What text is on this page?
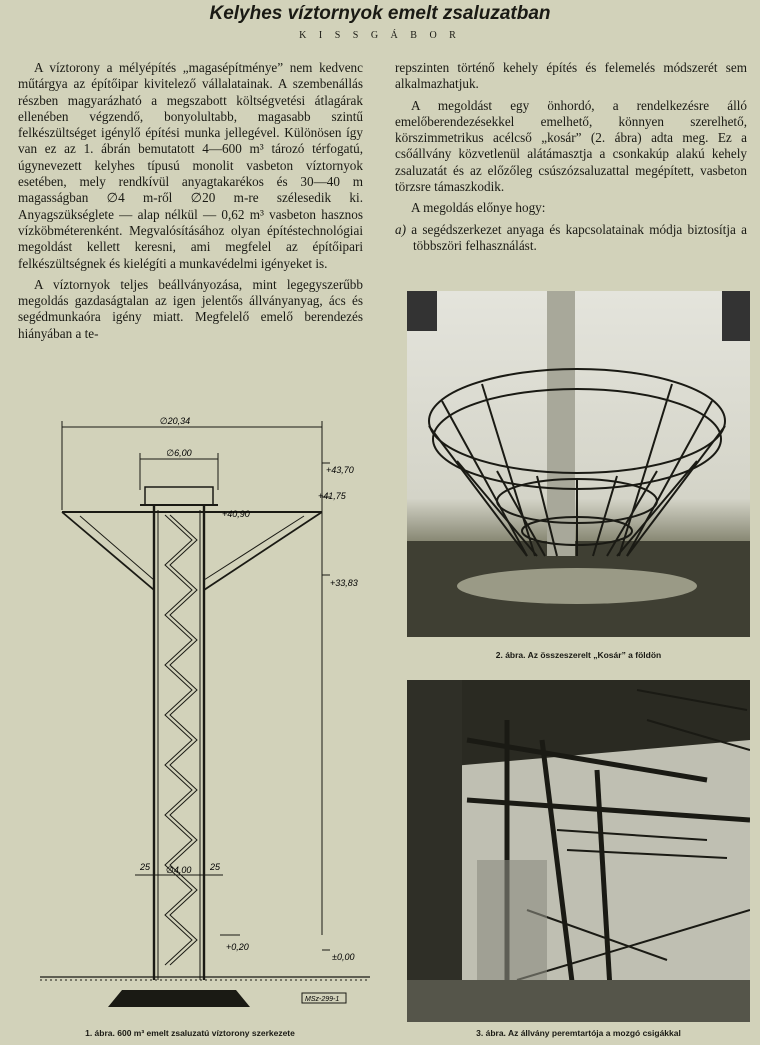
Kelyhes víztornyok emelt zsaluzatban
K I S S G Á B O R

A víztorony a mélyépítés „magasépítménye” nem kedvenc műtárgya az építőipar kivitelező vállalatainak. A szembenállás részben magyarázható a megszabott költségvetési átlagárak ellenében végzendő, bonyolultabb, magasabb szintű felkészültséget igénylő építési munka jellegével. Különösen így van ez az 1. ábrán bemutatott 4—600 m³ tározó térfogatú, úgynevezett kelyhes típusú monolit vasbeton víztornyok esetében, mely rendkívül anyagtakarékos és 30—40 m magasságban ∅4 m-ről ∅20 m-re szélesedik ki. Anyagszükséglete — alap nélkül — 0,62 m³ vasbeton hasznos vízköbméterenként. Megvalósításához olyan építéstechnológiai megoldást kellett keresni, ami megfelel az építőipari felkészültségnek és kielégíti a munkavédelmi igényeket is.

A víztornyok teljes beállványozása, mint legegyszerűbb megoldás gazdaságtalan az igen jelentős állványanyag, ács és segédmunkaóra igény miatt. Megfelelő emelő berendezés hiányában a te-

repszinten történő kehely építés és felemelés módszerét sem alkalmazhatjuk.

A megoldást egy önhordó, a rendelkezésre álló emelőberendezésekkel emelhető, könnyen szerelhető, körszimmetrikus acélcső „kosár” (2. ábra) adta meg. Ez a csőállvány közvetlenül alátámasztja a csonkakúp alakú kehely zsaluzatát és az előzőleg csúszózsaluzattal megépített, vasbeton törzsre támaszkodik.

A megoldás előnye hogy:

a) a segédszerkezet anyaga és kapcsolatainak módja biztosítja a többszöri felhasználást.

∅20,34
∅6,00
+43,70
+41,75
+40,90
+33,83
∅4,00
25	25
+0,20
±0,00
MSz-299-1
1. ábra. 600 m³ emelt zsaluzatú víztorony szerkezete
2. ábra. Az összeszerelt „Kosár” a földön
3. ábra. Az állvány peremtartója a mozgó csigákkal
